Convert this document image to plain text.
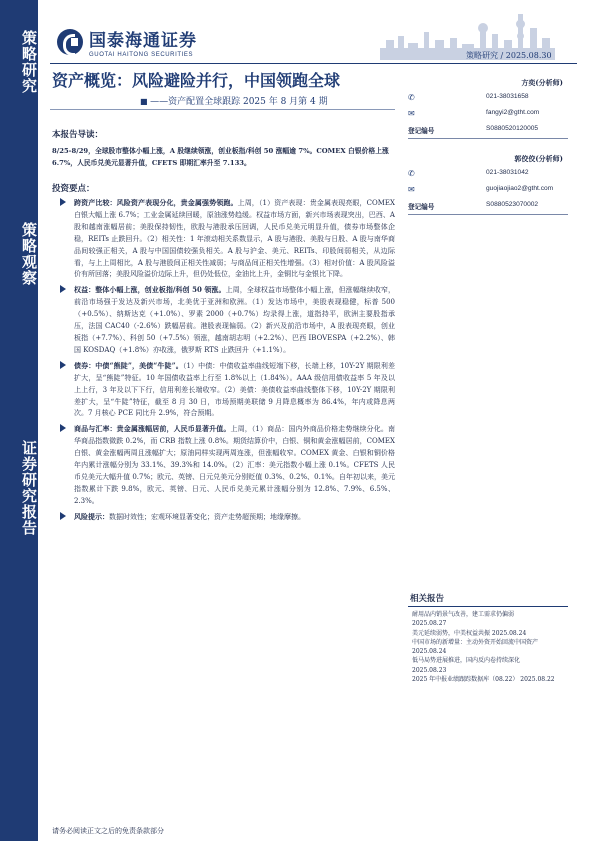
策略研究
策略观察
证券研究报告
国泰海通证券
GUOTAI HAITONG SECURITIES	策略研究 / 2025.08.30
资产概览：风险避险并行，中国领跑全球
■ ——资产配置全球跟踪 2025 年 8 月第 4 期
本报告导读：
8/25-8/29，全球股市整体小幅上涨，A 股继续领涨，创业板指/科创 50 涨幅逾 7%。COMEX 白银价格上涨 6.7%，人民币兑美元显著升值，CFETS 即期汇率升至 7.133。
投资要点：
跨资产比较：风险资产表现分化，贵金属强势领跑。上周，（1）资产表现：贵金属表现亮眼，COMEX 白银大幅上涨 6.7%；工业金属延续回暖，原油涨势趋缓。权益市场方面，新兴市场表现突出，巴西、A 股和越南涨幅居前；美股保持韧性，欧股与港股承压回调，人民币兑美元明显升值，债券市场整体企稳，REITs 止跌回升。（2）相关性：1 年滚动相关系数显示，A 股与港股、美股与日股、A 股与南华商品间较强正相关，A 股与中国国债较强负相关。A 股与沪金、美元、REITs、印股间弱相关，从边际看，与上上周相比，A 股与港股间正相关性减弱；与商品间正相关性增强。（3）相对价值：A 股风险溢价有所回落；美股风险溢价边际上升，但仍处低位，金油比上升，金铜比与金银比下降。
权益：整体小幅上涨，创业板指/科创 50 领涨。上周，全球权益市场整体小幅上涨，但涨幅继续收窄，前沿市场强于发达及新兴市场，北美优于亚洲和欧洲。（1）发达市场中，美股表现稳健，标普 500（+0.5%）、纳斯达克（+1.0%）、罗素 2000（+0.7%）均录得上涨，道指持平，欧洲主要股指承压，法国 CAC40（-2.6%）跌幅居前。港股表现偏弱。（2）新兴及前沿市场中，A 股表现亮眼，创业板指（+7.7%）、科创 50（+7.5%）领涨，越南胡志明（+2.2%）、巴西 IBOVESPA（+2.2%）、韩国 KOSDAQ（+1.8%）亦收涨，俄罗斯 RTS 止跌回升（+1.1%）。
债券：中债“熊陡”，美债“牛陡”。（1）中债：中债收益率曲线短端下移，长端上移，10Y-2Y 期限利差扩大，呈“熊陡”特征。10 年国债收益率上行至 1.8%以上（1.84%）。AAA 级信用债收益率 5 年及以上上行，3 年及以下下行，信用利差长端收窄。（2）美债：美债收益率曲线整体下移，10Y-2Y 期限利差扩大，呈“牛陡”特征，截至 8 月 30 日，市场预期美联储 9 月降息概率为 86.4%，年内或降息两次。7 月核心 PCE 同比升 2.9%，符合预期。
商品与汇率：贵金属涨幅居前，人民币显著升值。上周，（1）商品：国内外商品价格走势继续分化。南华商品指数微跌 0.2%，而 CRB 指数上涨 0.8%。期货结算价中，白银、铜和黄金涨幅居前，COMEX 白银、黄金涨幅两周且涨幅扩大；原油同样实现两周连涨，但涨幅收窄。COMEX 黄金、白银和铜价格年内累计涨幅分别为 33.1%、39.3%和 14.0%。（2）汇率：美元指数小幅上涨 0.1%。CFETS 人民币兑美元大幅升值 0.7%；欧元、英镑、日元兑美元分别贬值 0.3%、0.2%、0.1%。自年初以来，美元指数累计下跌 9.8%，欧元、英镑、日元、人民币兑美元累计涨幅分别为 12.8%、7.9%、6.5%、2.3%。
风险提示：数据时效性；宏观环境显著变化；资产走势超预期；地缘摩擦。
方奕(分析师)
✆	021-38031658
✉	fangyi2@gtht.com
登记编号	S0880520120005
郭佼佼(分析师)
✆	021-38031042
✉	guojiaojiao2@gtht.com
登记编号	S0880523070002
相关报告
耐用品内销景气改善，建工需求仍偏弱
2025.08.27
美元延续弱势，中美权益共振 2025.08.24
中国市场的新增量：主动外资开始回流中国资产
2025.08.24
低马局势进展推进，国内反内卷持续深化
2025.08.23
2025 年中报业绩跟踪数据库（08.22） 2025.08.22
请务必阅读正文之后的免责条款部分
